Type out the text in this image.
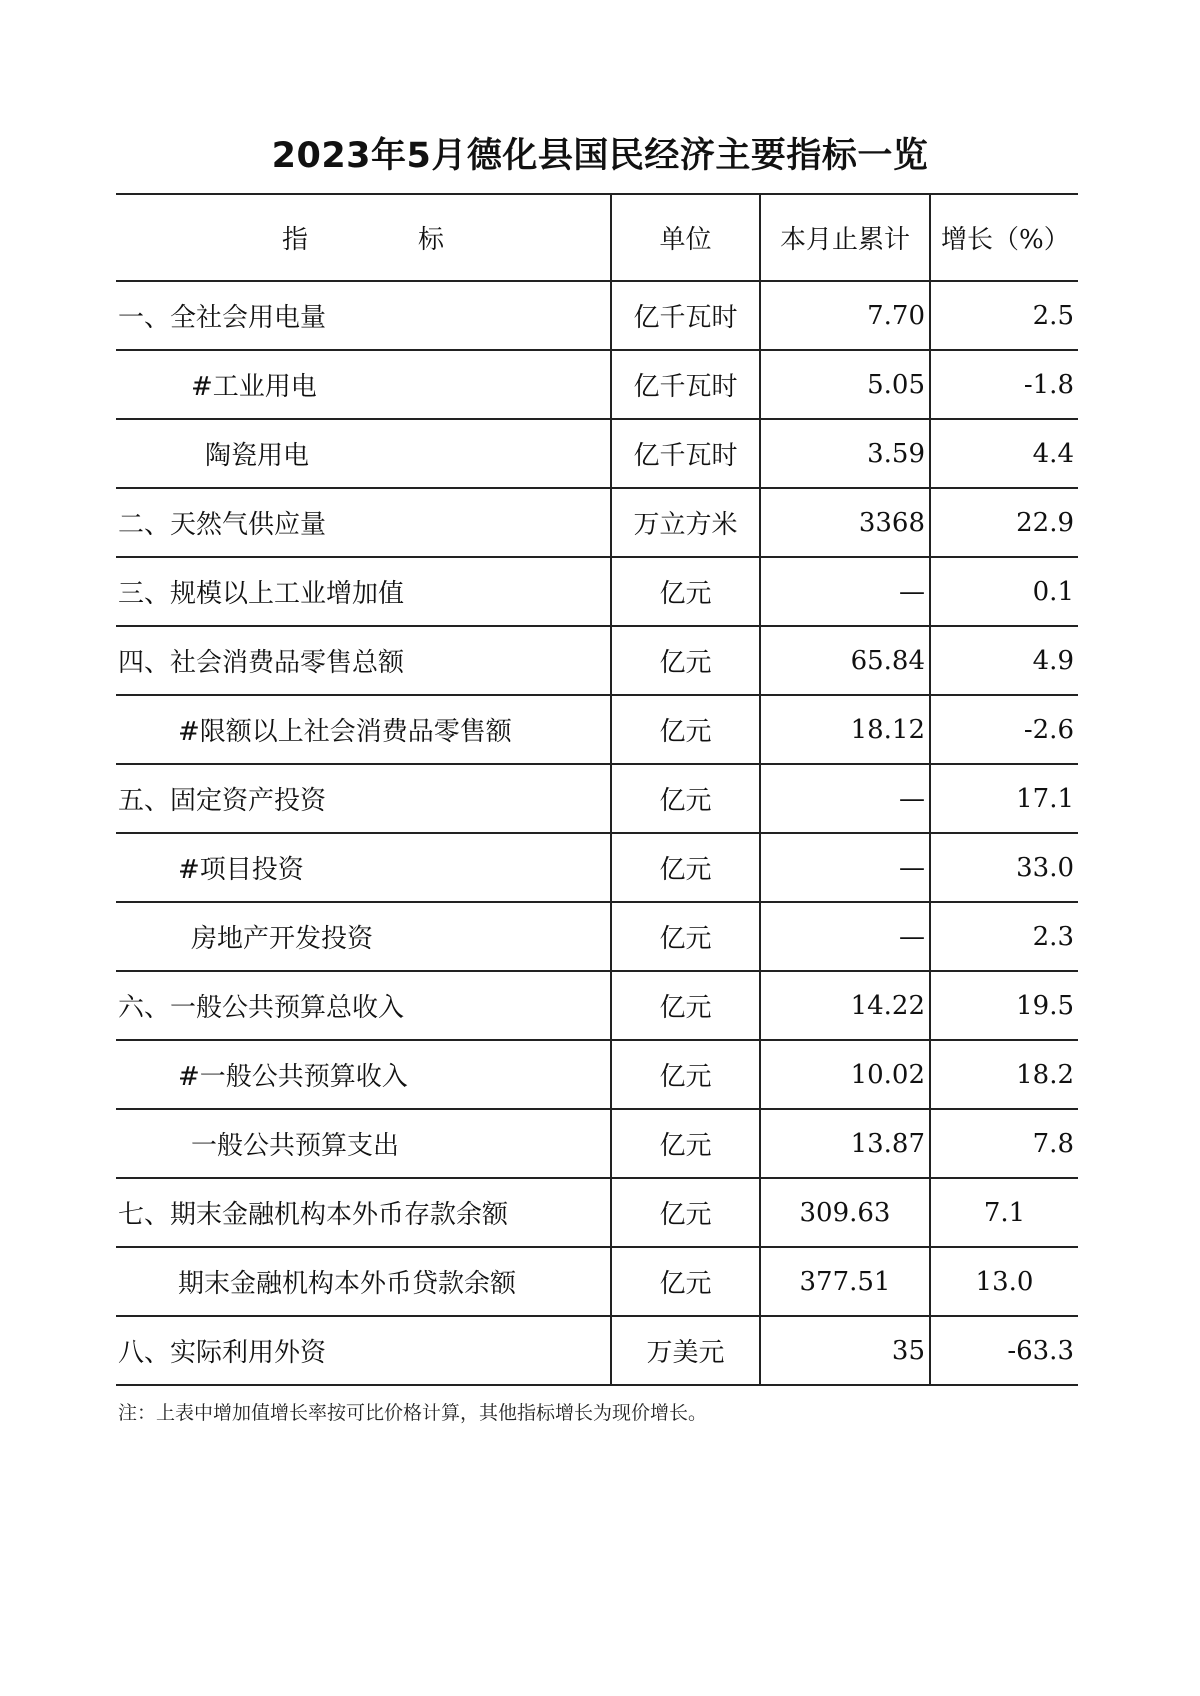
2023年5月德化县国民经济主要指标一览
指 标	单位	本月止累计	增长（%）
一、全社会用电量	亿千瓦时	7.70	2.5
#工业用电	亿千瓦时	5.05	-1.8
陶瓷用电	亿千瓦时	3.59	4.4
二、天然气供应量	万立方米	3368	22.9
三、规模以上工业增加值	亿元	—	0.1
四、社会消费品零售总额	亿元	65.84	4.9
#限额以上社会消费品零售额	亿元	18.12	-2.6
五、固定资产投资	亿元	—	17.1
#项目投资	亿元	—	33.0
房地产开发投资	亿元	—	2.3
六、一般公共预算总收入	亿元	14.22	19.5
#一般公共预算收入	亿元	10.02	18.2
一般公共预算支出	亿元	13.87	7.8
七、期末金融机构本外币存款余额	亿元	309.63	7.1
期末金融机构本外币贷款余额	亿元	377.51	13.0
八、实际利用外资	万美元	35	-63.3
注：上表中增加值增长率按可比价格计算，其他指标增长为现价增长。
